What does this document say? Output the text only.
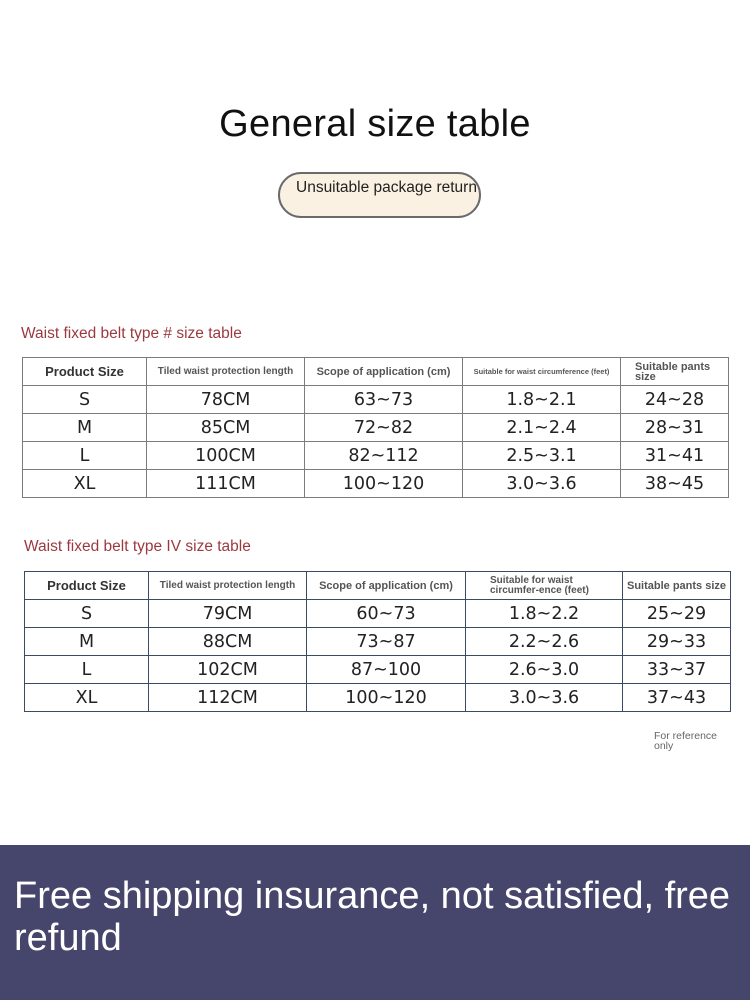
General size table
Unsuitable package return
Waist fixed belt type # size table
Product Size	Tiled waist protection length	Scope of application (cm)	Suitable for waist circumference (feet)	Suitable pants size
S	78CM	63~73	1.8~2.1	24~28
M	85CM	72~82	2.1~2.4	28~31
L	100CM	82~112	2.5~3.1	31~41
XL	111CM	100~120	3.0~3.6	38~45
Waist fixed belt type IV size table
Product Size	Tiled waist protection length	Scope of application (cm)	Suitable for waist circumfer-ence (feet)	Suitable pants size
S	79CM	60~73	1.8~2.2	25~29
M	88CM	73~87	2.2~2.6	29~33
L	102CM	87~100	2.6~3.0	33~37
XL	112CM	100~120	3.0~3.6	37~43
For reference only
Free shipping insurance, not satisfied, free refund
